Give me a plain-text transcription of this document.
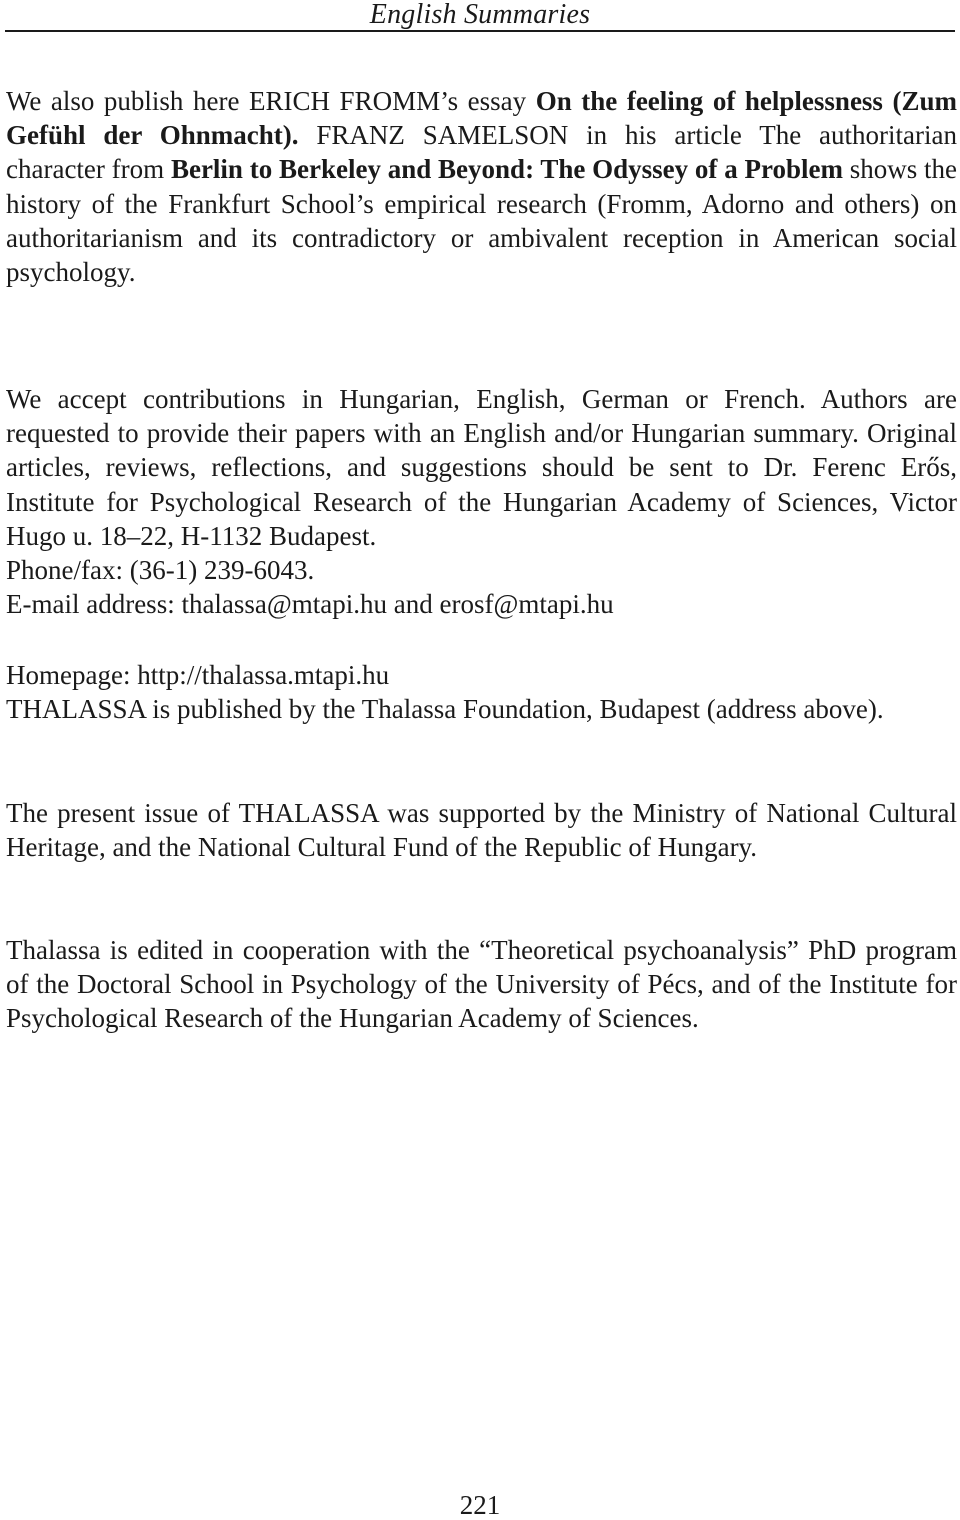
English Summaries

We also publish here ERICH FROMM’s essay On the feeling of helplessness (Zum Gefühl der Ohnmacht). FRANZ SAMELSON in his article The authoritarian character from Berlin to Berkeley and Beyond: The Odyssey of a Problem shows the history of the Frankfurt School’s empirical research (Fromm, Adorno and others) on authoritarianism and its contradictory or ambivalent reception in American social psychology.

We accept contributions in Hungarian, English, German or French. Authors are requested to provide their papers with an English and/or Hungarian summary. Original articles, reviews, reflections, and suggestions should be sent to Dr. Ferenc Erős, Institute for Psychological Research of the Hungarian Academy of Sciences, Victor Hugo u. 18–22, H-1132 Budapest.

Phone/fax: (36-1) 239-6043.

E-mail address: thalassa@mtapi.hu and erosf@mtapi.hu

Homepage: http://thalassa.mtapi.hu

THALASSA is published by the Thalassa Foundation, Budapest (address above).

The present issue of THALASSA was supported by the Ministry of National Cultural Heritage, and the National Cultural Fund of the Republic of Hungary.

Thalassa is edited in cooperation with the “Theoretical psychoanalysis” PhD program of the Doctoral School in Psychology of the University of Pécs, and of the Institute for Psychological Research of the Hungarian Academy of Sciences.

221
